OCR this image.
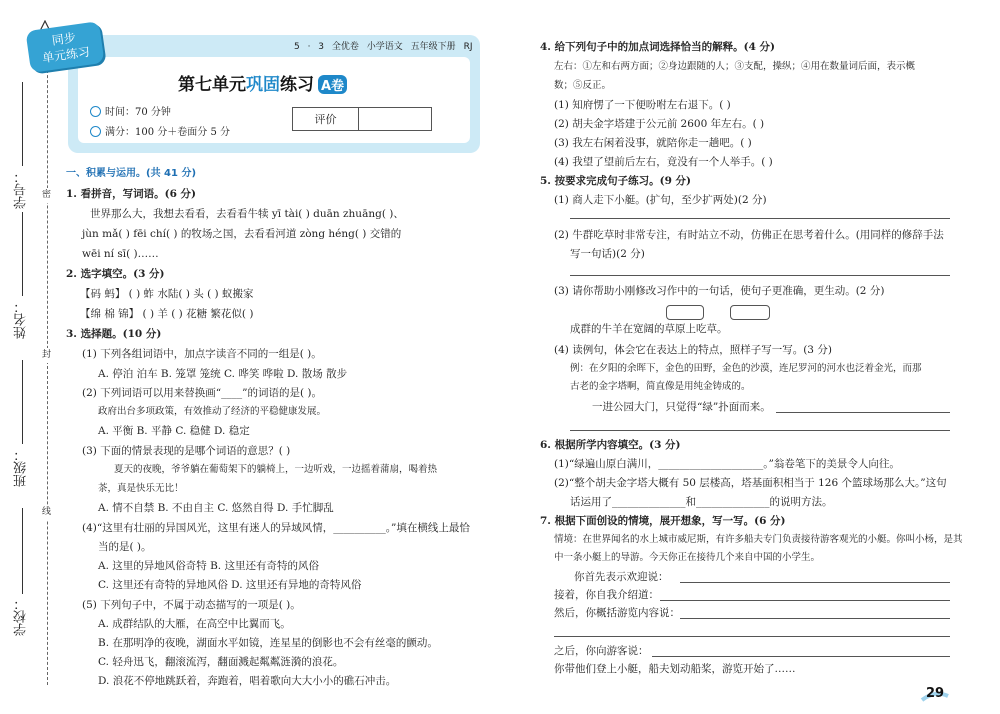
密
封
线
学号：
姓名：
班级：
学校：
5 · 3 全优卷 小学语文 五年级下册 RJ
同步
单元练习
第七单元巩固练习 A卷
时间：70 分钟
满分：100 分＋卷面分 5 分
评价
一、积累与运用。(共 41 分)
1. 看拼音，写词语。(6 分)
世界那么大，我想去看看，去看看牛犊 yī tài( ) duān zhuāng( )、
jùn mǎ( ) fēi chí( ) 的牧场之国，去看看河道 zòng héng( ) 交错的
wēi ní sī( )……
2. 选字填空。(3 分)
【码 蚂】 ( ) 蚱 水陆( ) 头 ( ) 蚁搬家
【绵 棉 锦】 ( ) 羊 ( ) 花糖 繁花似( )
3. 选择题。(10 分)
(1) 下列各组词语中，加点字读音不同的一组是( )。
A. 停泊 泊车 B. 笼罩 笼统 C. 哗笑 哗啦 D. 散场 散步
(2) 下列词语可以用来替换画“____”的词语的是( )。
政府出台多项政策，有效推动了经济的平稳健康发展。
A. 平衡 B. 平静 C. 稳健 D. 稳定
(3) 下面的情景表现的是哪个词语的意思？( )
夏天的夜晚，爷爷躺在葡萄架下的躺椅上，一边听戏，一边摇着蒲扇，喝着热
茶，真是快乐无比！
A. 情不自禁 B. 不由自主 C. 悠然自得 D. 手忙脚乱
(4)“这里有壮丽的异国风光，这里有迷人的异域风情，__________。”填在横线上最恰
当的是( )。
A. 这里的异地风俗奇特 B. 这里还有奇特的风俗
C. 这里还有奇特的异地风俗 D. 这里还有异地的奇特风俗
(5) 下列句子中，不属于动态描写的一项是( )。
A. 成群结队的大雁，在高空中比翼而飞。
B. 在那明净的夜晚，湖面水平如镜，连星星的倒影也不会有丝毫的颤动。
C. 轻舟迅飞，翻滚流泻，翻面溅起粼粼涟漪的浪花。
D. 浪花不停地跳跃着，奔跑着，唱着歌向大大小小的礁石冲击。
4. 给下列句子中的加点词选择恰当的解释。(4 分)
左右：①左和右两方面；②身边跟随的人；③支配，操纵；④用在数量词后面，表示概
数；⑤反正。
(1) 知府愣了一下便吩咐左右退下。( )
(2) 胡夫金字塔建于公元前 2600 年左右。( )
(3) 我左右闲着没事，就陪你走一趟吧。( )
(4) 我望了望前后左右，竟没有一个人举手。( )
5. 按要求完成句子练习。(9 分)
(1) 商人走下小艇。(扩句，至少扩两处)(2 分)
(2) 牛群吃草时非常专注，有时站立不动，仿佛正在思考着什么。(用同样的修辞手法
写一句话)(2 分)
(3) 请你帮助小刚修改习作中的一句话，使句子更准确，更生动。(2 分)
成群的牛羊在宽阔的草原上吃草。
(4) 读例句，体会它在表达上的特点，照样子写一写。(3 分)
例：在夕阳的余晖下，金色的田野，金色的沙漠，连尼罗河的河水也泛着金光，而那
古老的金字塔啊，简直像是用纯金铸成的。
一进公园大门，只觉得“绿”扑面而来。
6. 根据所学内容填空。(3 分)
(1)“绿遍山原白满川，____________________。”翁卷笔下的美景令人向往。
(2)“整个胡夫金字塔大概有 50 层楼高，塔基面积相当于 126 个篮球场那么大。”这句
话运用了______________和______________的说明方法。
7. 根据下面创设的情境，展开想象，写一写。(6 分)
情境：在世界闻名的水上城市威尼斯，有许多船夫专门负责接待游客观光的小艇。你叫小杨，是其
中一条小艇上的导游。今天你正在接待几个来自中国的小学生。
你首先表示欢迎说：
接着，你自我介绍道：
然后，你概括游览内容说：
之后，你向游客说：
你带他们登上小艇，船夫划动船桨，游览开始了……
29
